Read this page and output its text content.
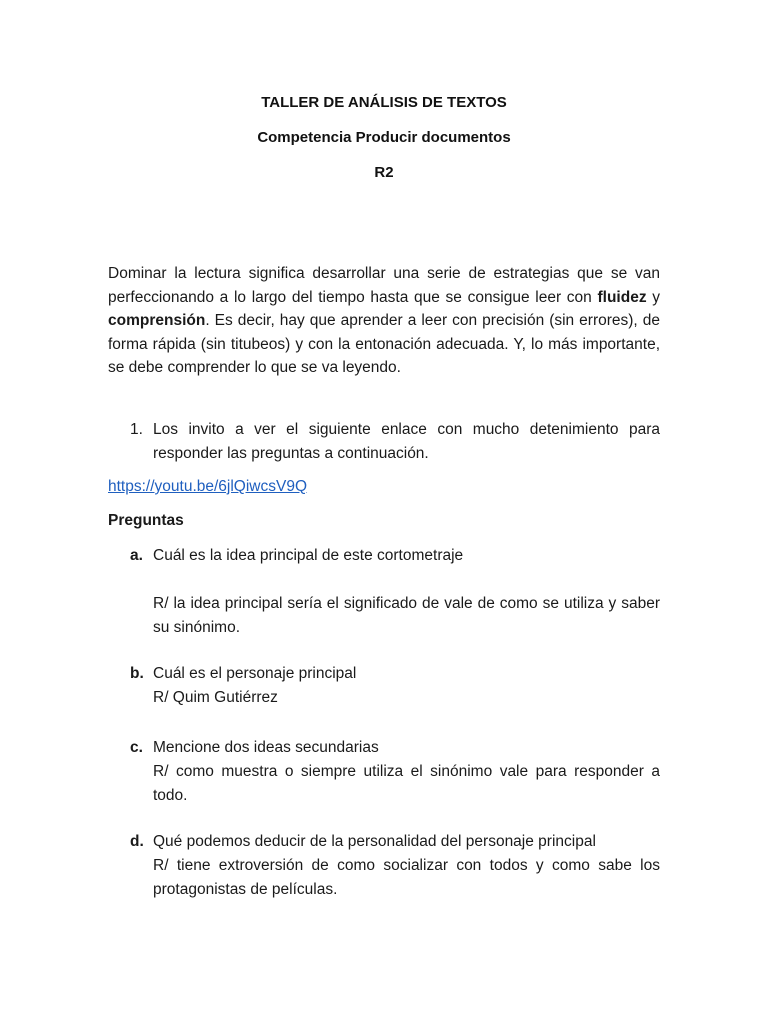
TALLER DE ANÁLISIS DE TEXTOS
Competencia Producir documentos
R2
Dominar la lectura significa desarrollar una serie de estrategias que se van perfeccionando a lo largo del tiempo hasta que se consigue leer con fluidez y comprensión. Es decir, hay que aprender a leer con precisión (sin errores), de forma rápida (sin titubeos) y con la entonación adecuada. Y, lo más importante, se debe comprender lo que se va leyendo.
1. Los invito a ver el siguiente enlace con mucho detenimiento para responder las preguntas a continuación.
https://youtu.be/6jlQiwcsV9Q
Preguntas
a. Cuál es la idea principal de este cortometraje
R/ la idea principal sería el significado de vale de como se utiliza y saber su sinónimo.
b. Cuál es el personaje principal
R/ Quim Gutiérrez
c. Mencione dos ideas secundarias
R/ como muestra o siempre utiliza el sinónimo vale para responder a todo.
d. Qué podemos deducir de la personalidad del personaje principal
R/ tiene extroversión de como socializar con todos y como sabe los protagonistas de películas.
